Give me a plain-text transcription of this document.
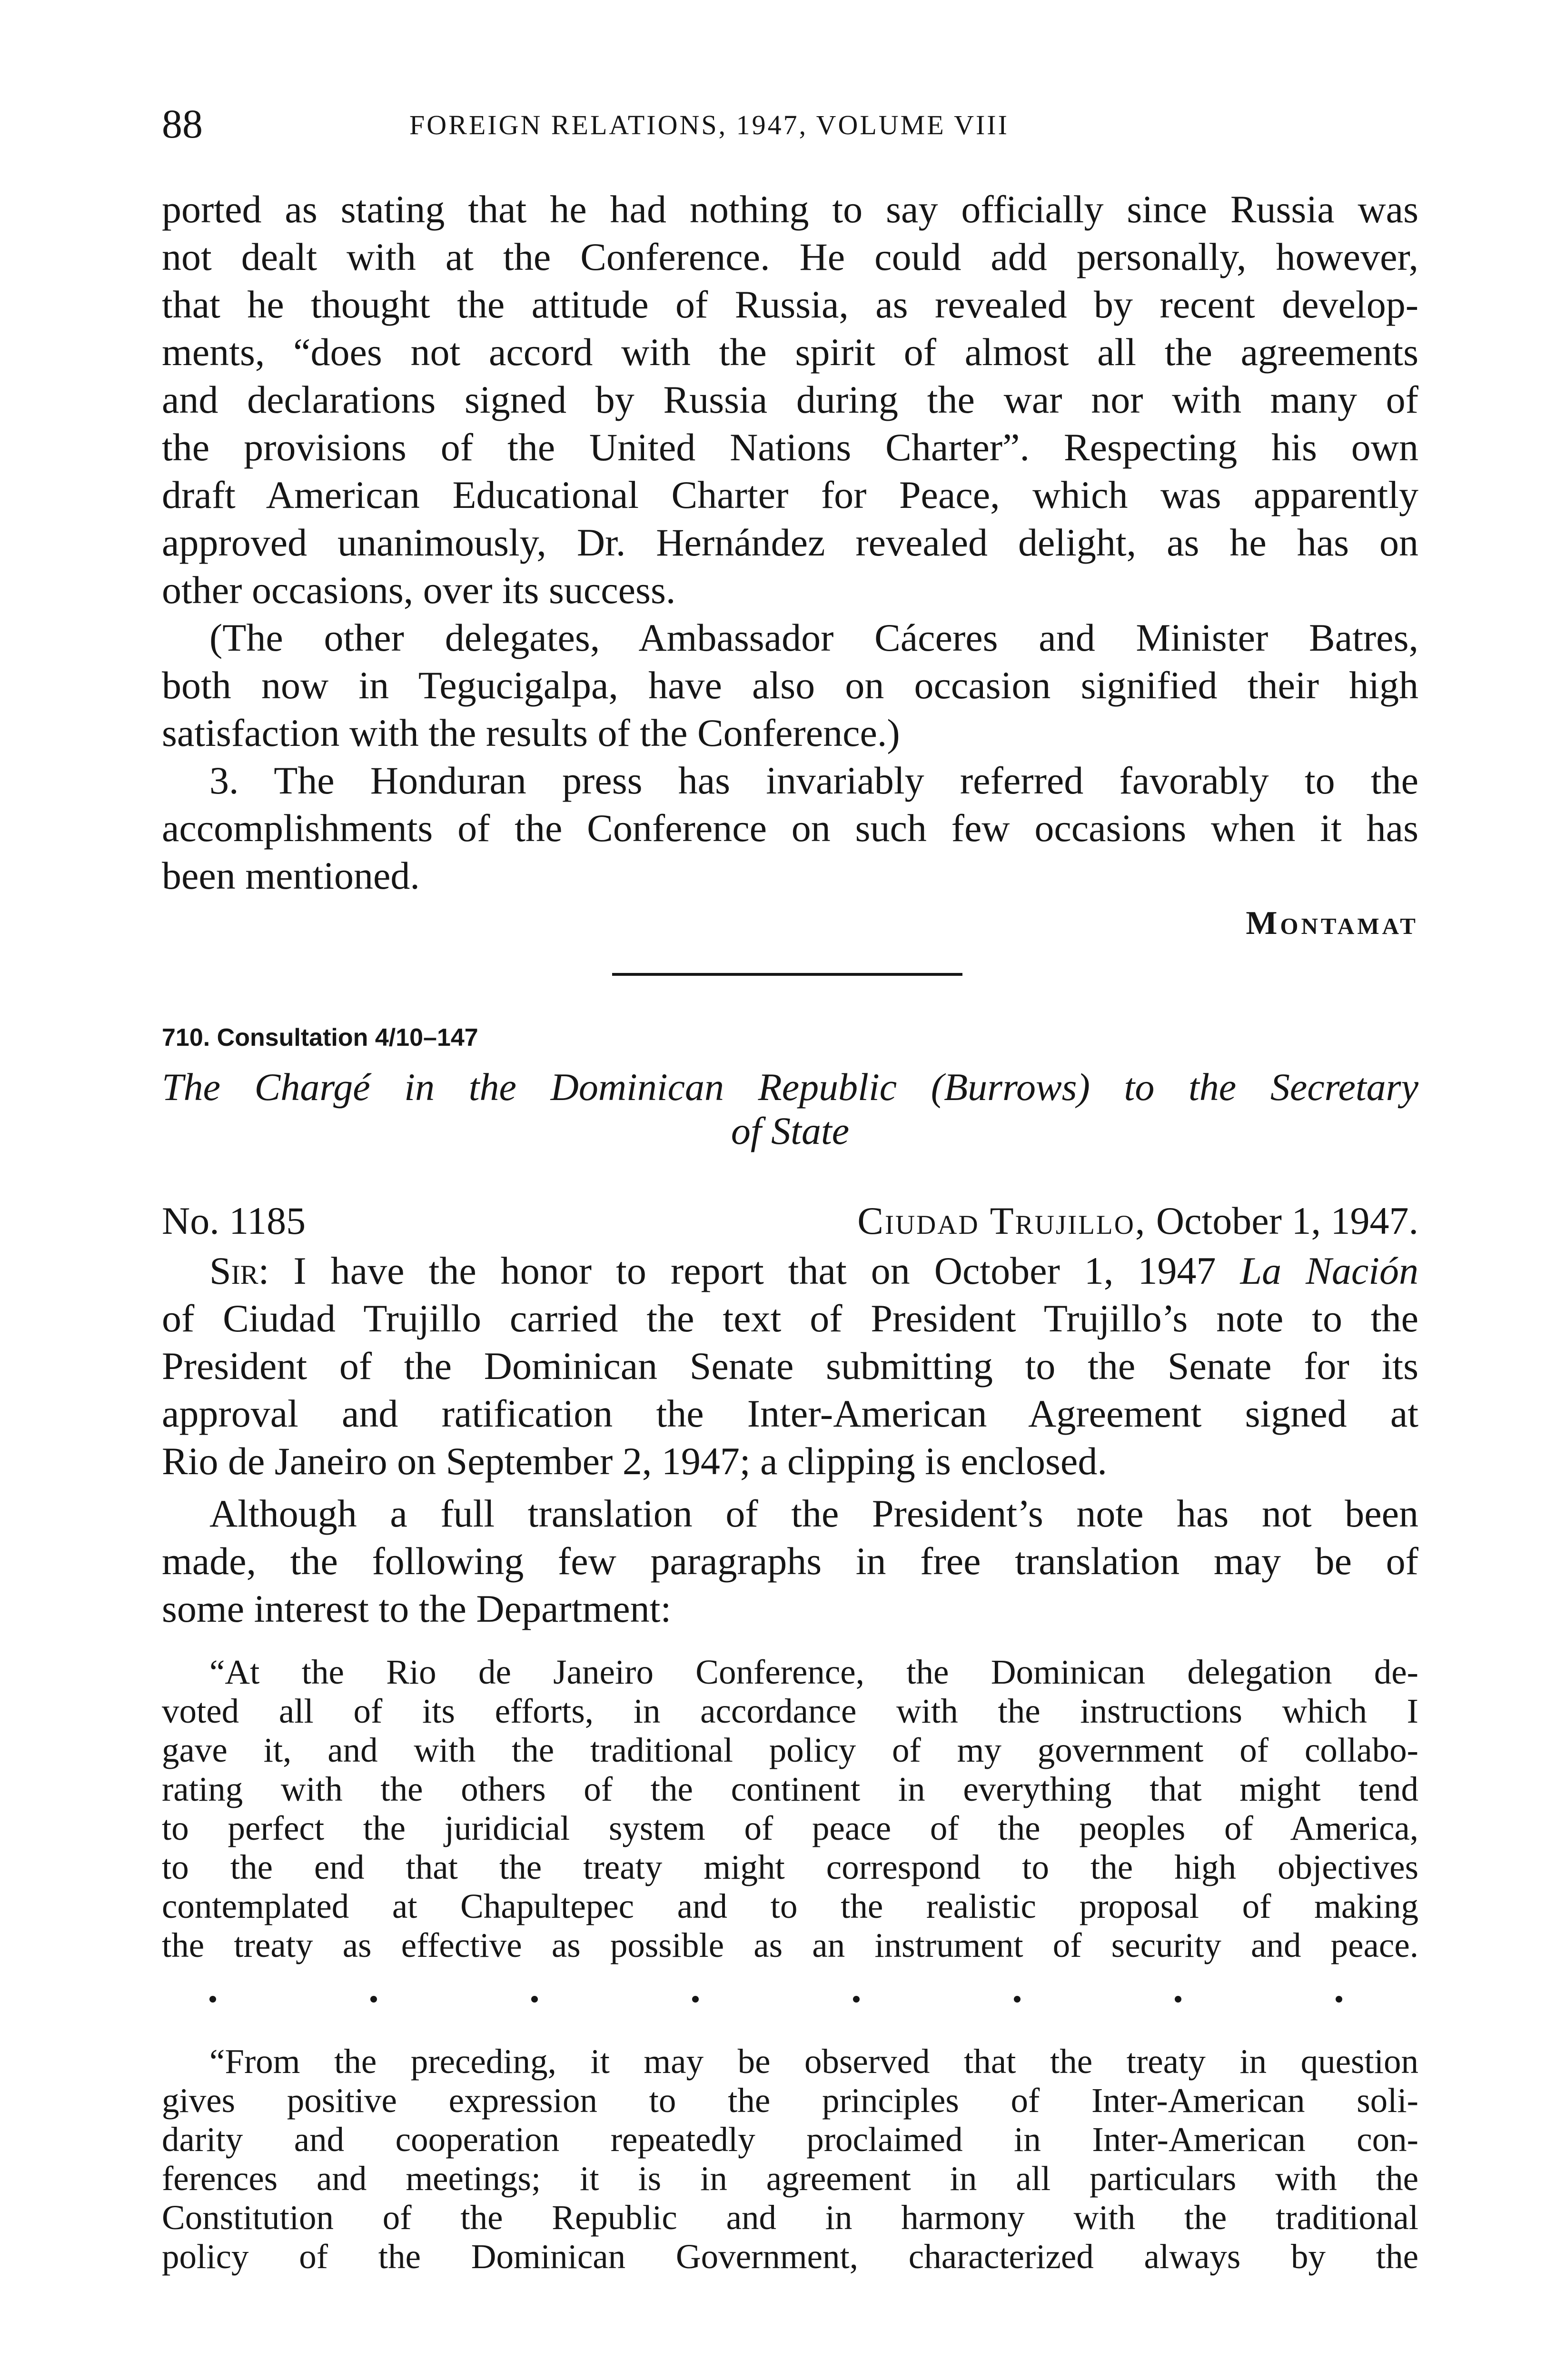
88	FOREIGN RELATIONS, 1947, VOLUME VIII
ported as stating that he had nothing to say officially since Russia was
not dealt with at the Conference. He could add personally, however,
that he thought the attitude of Russia, as revealed by recent develop-
ments, “does not accord with the spirit of almost all the agreements
and declarations signed by Russia during the war nor with many of
the provisions of the United Nations Charter”. Respecting his own
draft American Educational Charter for Peace, which was apparently
approved unanimously, Dr. Hernández revealed delight, as he has on
other occasions, over its success.
(The other delegates, Ambassador Cáceres and Minister Batres,
both now in Tegucigalpa, have also on occasion signified their high
satisfaction with the results of the Conference.)
3. The Honduran press has invariably referred favorably to the
accomplishments of the Conference on such few occasions when it has
been mentioned.
Montamat
710. Consultation 4/10–147
The Chargé in the Dominican Republic (Burrows) to the Secretary
of State
No. 1185	Ciudad Trujillo, October 1, 1947.
Sir: I have the honor to report that on October 1, 1947 La Nación
of Ciudad Trujillo carried the text of President Trujillo’s note to the
President of the Dominican Senate submitting to the Senate for its
approval and ratification the Inter-American Agreement signed at
Rio de Janeiro on September 2, 1947; a clipping is enclosed.
Although a full translation of the President’s note has not been
made, the following few paragraphs in free translation may be of
some interest to the Department:
“At the Rio de Janeiro Conference, the Dominican delegation de-
voted all of its efforts, in accordance with the instructions which I
gave it, and with the traditional policy of my government of collabo-
rating with the others of the continent in everything that might tend
to perfect the juridicial system of peace of the peoples of America,
to the end that the treaty might correspond to the high objectives
contemplated at Chapultepec and to the realistic proposal of making
the treaty as effective as possible as an instrument of security and peace.
“From the preceding, it may be observed that the treaty in question
gives positive expression to the principles of Inter-American soli-
darity and cooperation repeatedly proclaimed in Inter-American con-
ferences and meetings; it is in agreement in all particulars with the
Constitution of the Republic and in harmony with the traditional
policy of the Dominican Government, characterized always by the
